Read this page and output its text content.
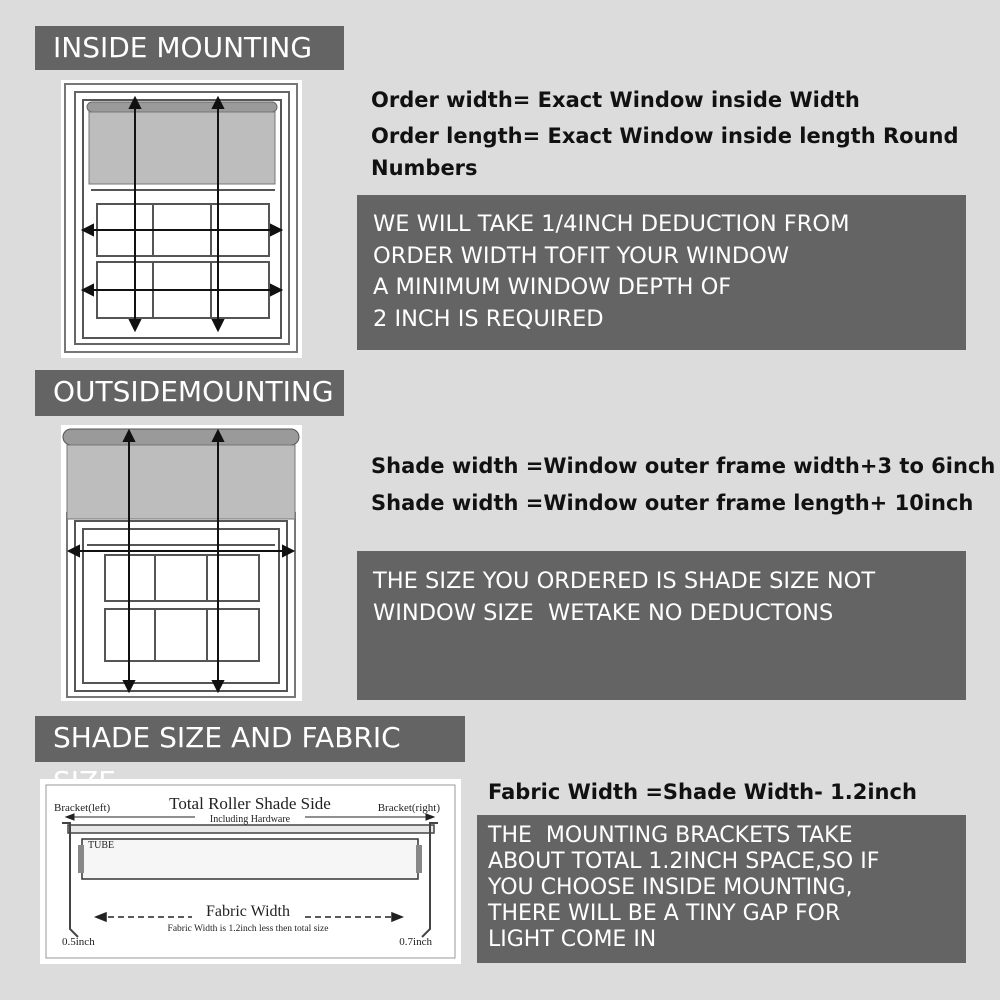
INSIDE MOUNTING
Order width= Exact Window inside Width
Order length= Exact Window inside length Round
Numbers
WE WILL TAKE 1/4INCH DEDUCTION FROM
ORDER WIDTH TOFIT YOUR WINDOW
A MINIMUM WINDOW DEPTH OF
2 INCH IS REQUIRED
OUTSIDEMOUNTING
Shade width =Window outer frame width+3 to 6inch
Shade width =Window outer frame length+ 10inch
THE SIZE YOU ORDERED IS SHADE SIZE NOT
WINDOW SIZE  WETAKE NO DEDUCTONS
SHADE SIZE AND FABRIC
Bracket(left)	Total Roller Shade Side
Including Hardware
Bracket(right)
TUBE
Fabric Width
Fabric Width is 1.2inch less then total size
0.5inch	0.7inch
Fabric Width =Shade Width- 1.2inch
THE  MOUNTING BRACKETS TAKE
ABOUT TOTAL 1.2INCH SPACE,SO IF
YOU CHOOSE INSIDE MOUNTING,
THERE WILL BE A TINY GAP FOR
LIGHT COME IN
